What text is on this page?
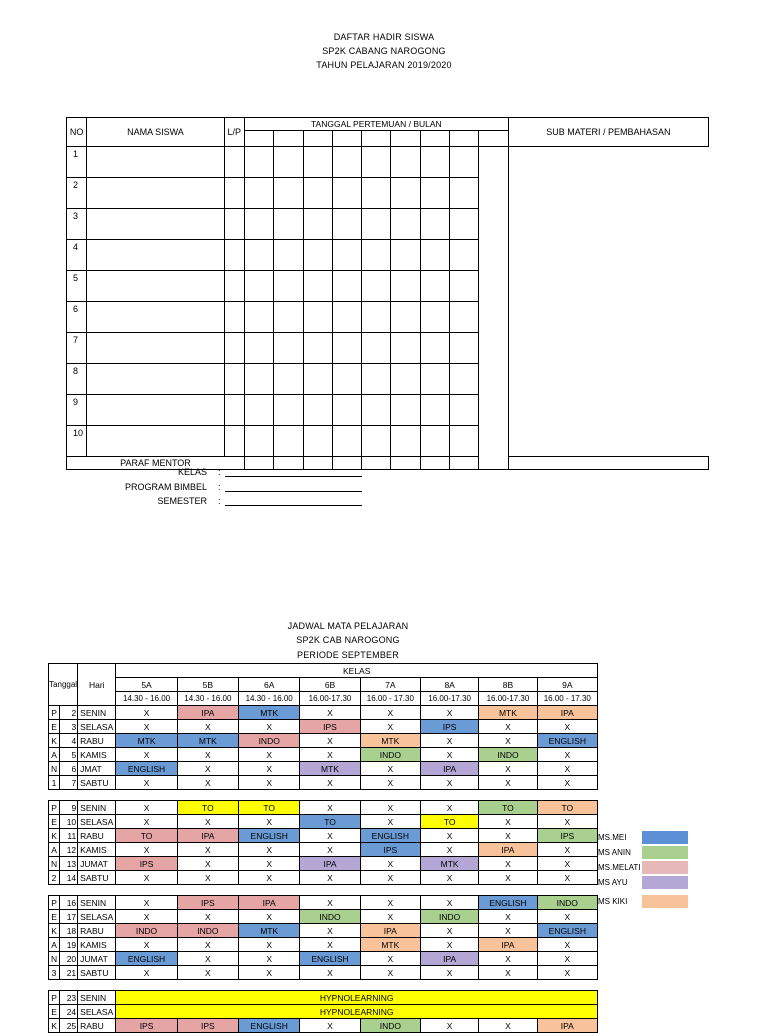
DAFTAR HADIR SISWA
SP2K CABANG NAROGONG
TAHUN PELAJARAN 2019/2020
NO	NAMA SISWA	L/P	TANGGAL PERTEMUAN / BULAN									SUB MATERI / PEMBAHASAN

1												
2												
3												
4												
5												
6												
7												
8												
9												
10												
PARAF MENTOR												
KELAS :
PROGRAM BIMBEL :
SEMESTER :
JADWAL MATA PELAJARAN
SP2K CAB NAROGONG
PERIODE SEPTEMBER
Tanggal		Hari	KELAS							
			5A	5B	6A	6B	7A	8A	8B	9A
			14.30 - 16.00	14.30 - 16.00	14.30 - 16.00	16.00-17.30	16.00 - 17.30	16.00-17.30	16.00-17.30	16.00 - 17.30
P	2	SENIN	X	IPA	MTK	X	X	X	MTK	IPA
E	3	SELASA	X	X	X	IPS	X	IPS	X	X
K	4	RABU	MTK	MTK	INDO	X	MTK	X	X	ENGLISH
A	5	KAMIS	X	X	X	X	INDO	X	INDO	X
N	6	JMAT	ENGLISH	X	X	MTK	X	IPA	X	X
1	7	SABTU	X	X	X	X	X	X	X	X

P	9	SENIN	X	TO	TO	X	X	X	TO	TO
E	10	SELASA	X	X	X	TO	X	TO	X	X
K	11	RABU	TO	IPA	ENGLISH	X	ENGLISH	X	X	IPS
A	12	KAMIS	X	X	X	X	IPS	X	IPA	X
N	13	JUMAT	IPS	X	X	IPA	X	MTK	X	X
2	14	SABTU	X	X	X	X	X	X	X	X

P	16	SENIN	X	IPS	IPA	X	X	X	ENGLISH	INDO
E	17	SELASA	X	X	X	INDO	X	INDO	X	X
K	18	RABU	INDO	INDO	MTK	X	IPA	X	X	ENGLISH
A	19	KAMIS	X	X	X	X	MTK	X	IPA	X
N	20	JUMAT	ENGLISH	X	X	ENGLISH	X	IPA	X	X
3	21	SABTU	X	X	X	X	X	X	X	X

P	23	SENIN	HYPNOLEARNING							
E	24	SELASA	HYPNOLEARNING							
K	25	RABU	IPS	IPS	ENGLISH	X	INDO	X	X	IPA
MS.MEI
MS ANIN
MS.MELATI
MS AYU
MS KIKI
